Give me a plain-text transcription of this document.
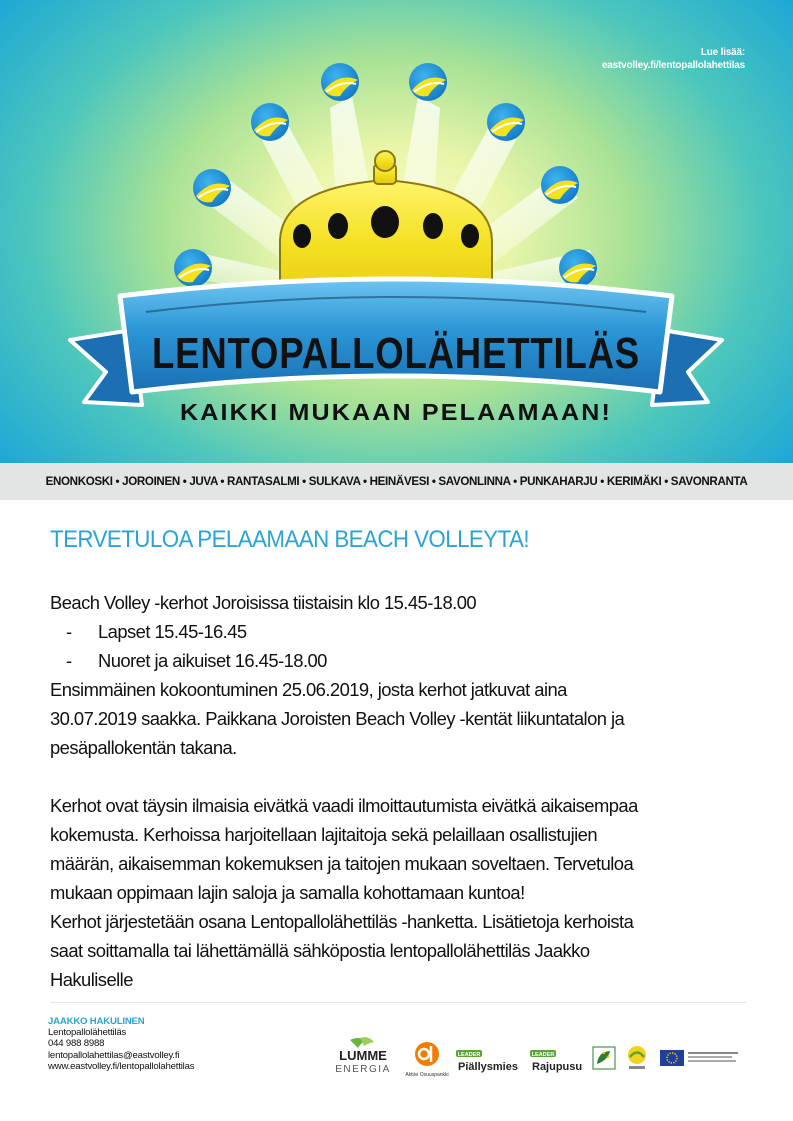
LENTOPALLOLÄHETTILÄS
KAIKKI MUKAAN PELAAMAAN!
Lue lisää:
eastvolley.fi/lentopallolahettilas
ENONKOSKI • JOROINEN • JUVA • RANTASALMI • SULKAVA • HEINÄVESI • SAVONLINNA • PUNKAHARJU • KERIMÄKI • SAVONRANTA
TERVETULOA PELAAMAAN BEACH VOLLEYTA!

Beach Volley -kerhot Joroisissa tiistaisin klo 15.45-18.00

-	Lapset 15.45-16.45
-	Nuoret ja aikuiset 16.45-18.00

Ensimmäinen kokoontuminen 25.06.2019, josta kerhot jatkuvat aina

30.07.2019 saakka. Paikkana Joroisten Beach Volley -kentät liikuntatalon ja

pesäpallokentän takana.

Kerhot ovat täysin ilmaisia eivätkä vaadi ilmoittautumista eivätkä aikaisempaa

kokemusta. Kerhoissa harjoitellaan lajitaitoja sekä pelaillaan osallistujien

määrän, aikaisemman kokemuksen ja taitojen mukaan soveltaen. Tervetuloa

mukaan oppimaan lajin saloja ja samalla kohottamaan kuntoa!

Kerhot järjestetään osana Lentopallolähettiläs -hanketta. Lisätietoja kerhoista

saat soittamalla tai lähettämällä sähköpostia lentopallolähettiläs Jaakko

Hakuliselle

JAAKKO HAKULINEN
Lentopallolähettiläs
044 988 8988
lentopallolahettilas@eastvolley.fi
www.eastvolley.fi/lentopallolahettilas
LUMME
ENERGIA	Aktiivi Osuuspankki
LEADER
Piällysmies
LEADER
Rajupusu
